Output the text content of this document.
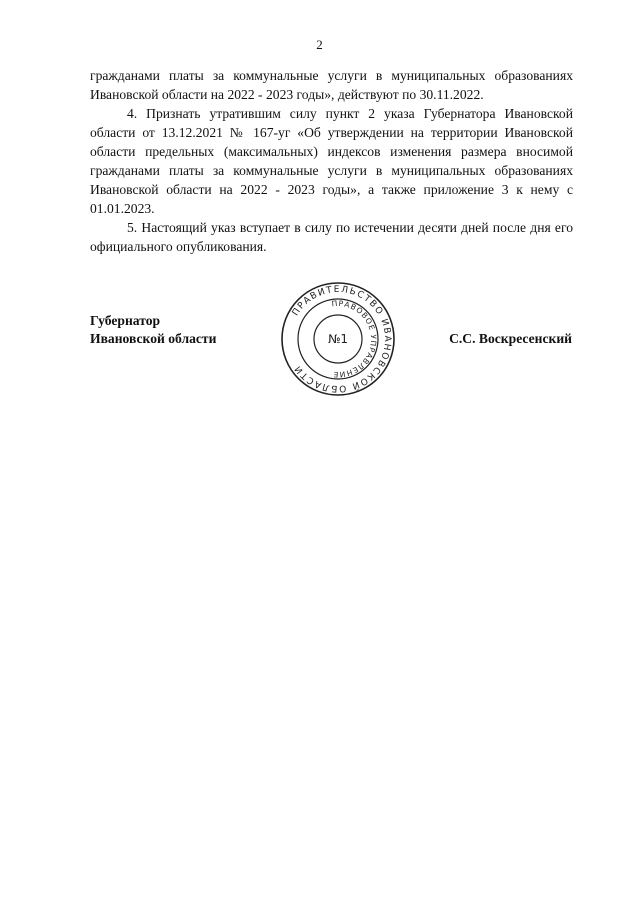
2

гражданами платы за коммунальные услуги в муниципальных образованиях Ивановской области на 2022 - 2023 годы», действуют по 30.11.2022.

4. Признать утратившим силу пункт 2 указа Губернатора Ивановской области от 13.12.2021 № 167-уг «Об утверждении на территории Ивановской области предельных (максимальных) индексов изменения размера вносимой гражданами платы за коммунальные услуги в муниципальных образованиях Ивановской области на 2022 - 2023 годы», а также приложение 3 к нему с 01.01.2023.

5. Настоящий указ вступает в силу по истечении десяти дней после дня его официального опубликования.

Губернатор
Ивановской области
ПРАВИТЕЛЬСТВО ИВАНОВСКОЙ ОБЛАСТИ
ПРАВОВОЕ УПРАВЛЕНИЕ
№1	С.С. Воскресенский
